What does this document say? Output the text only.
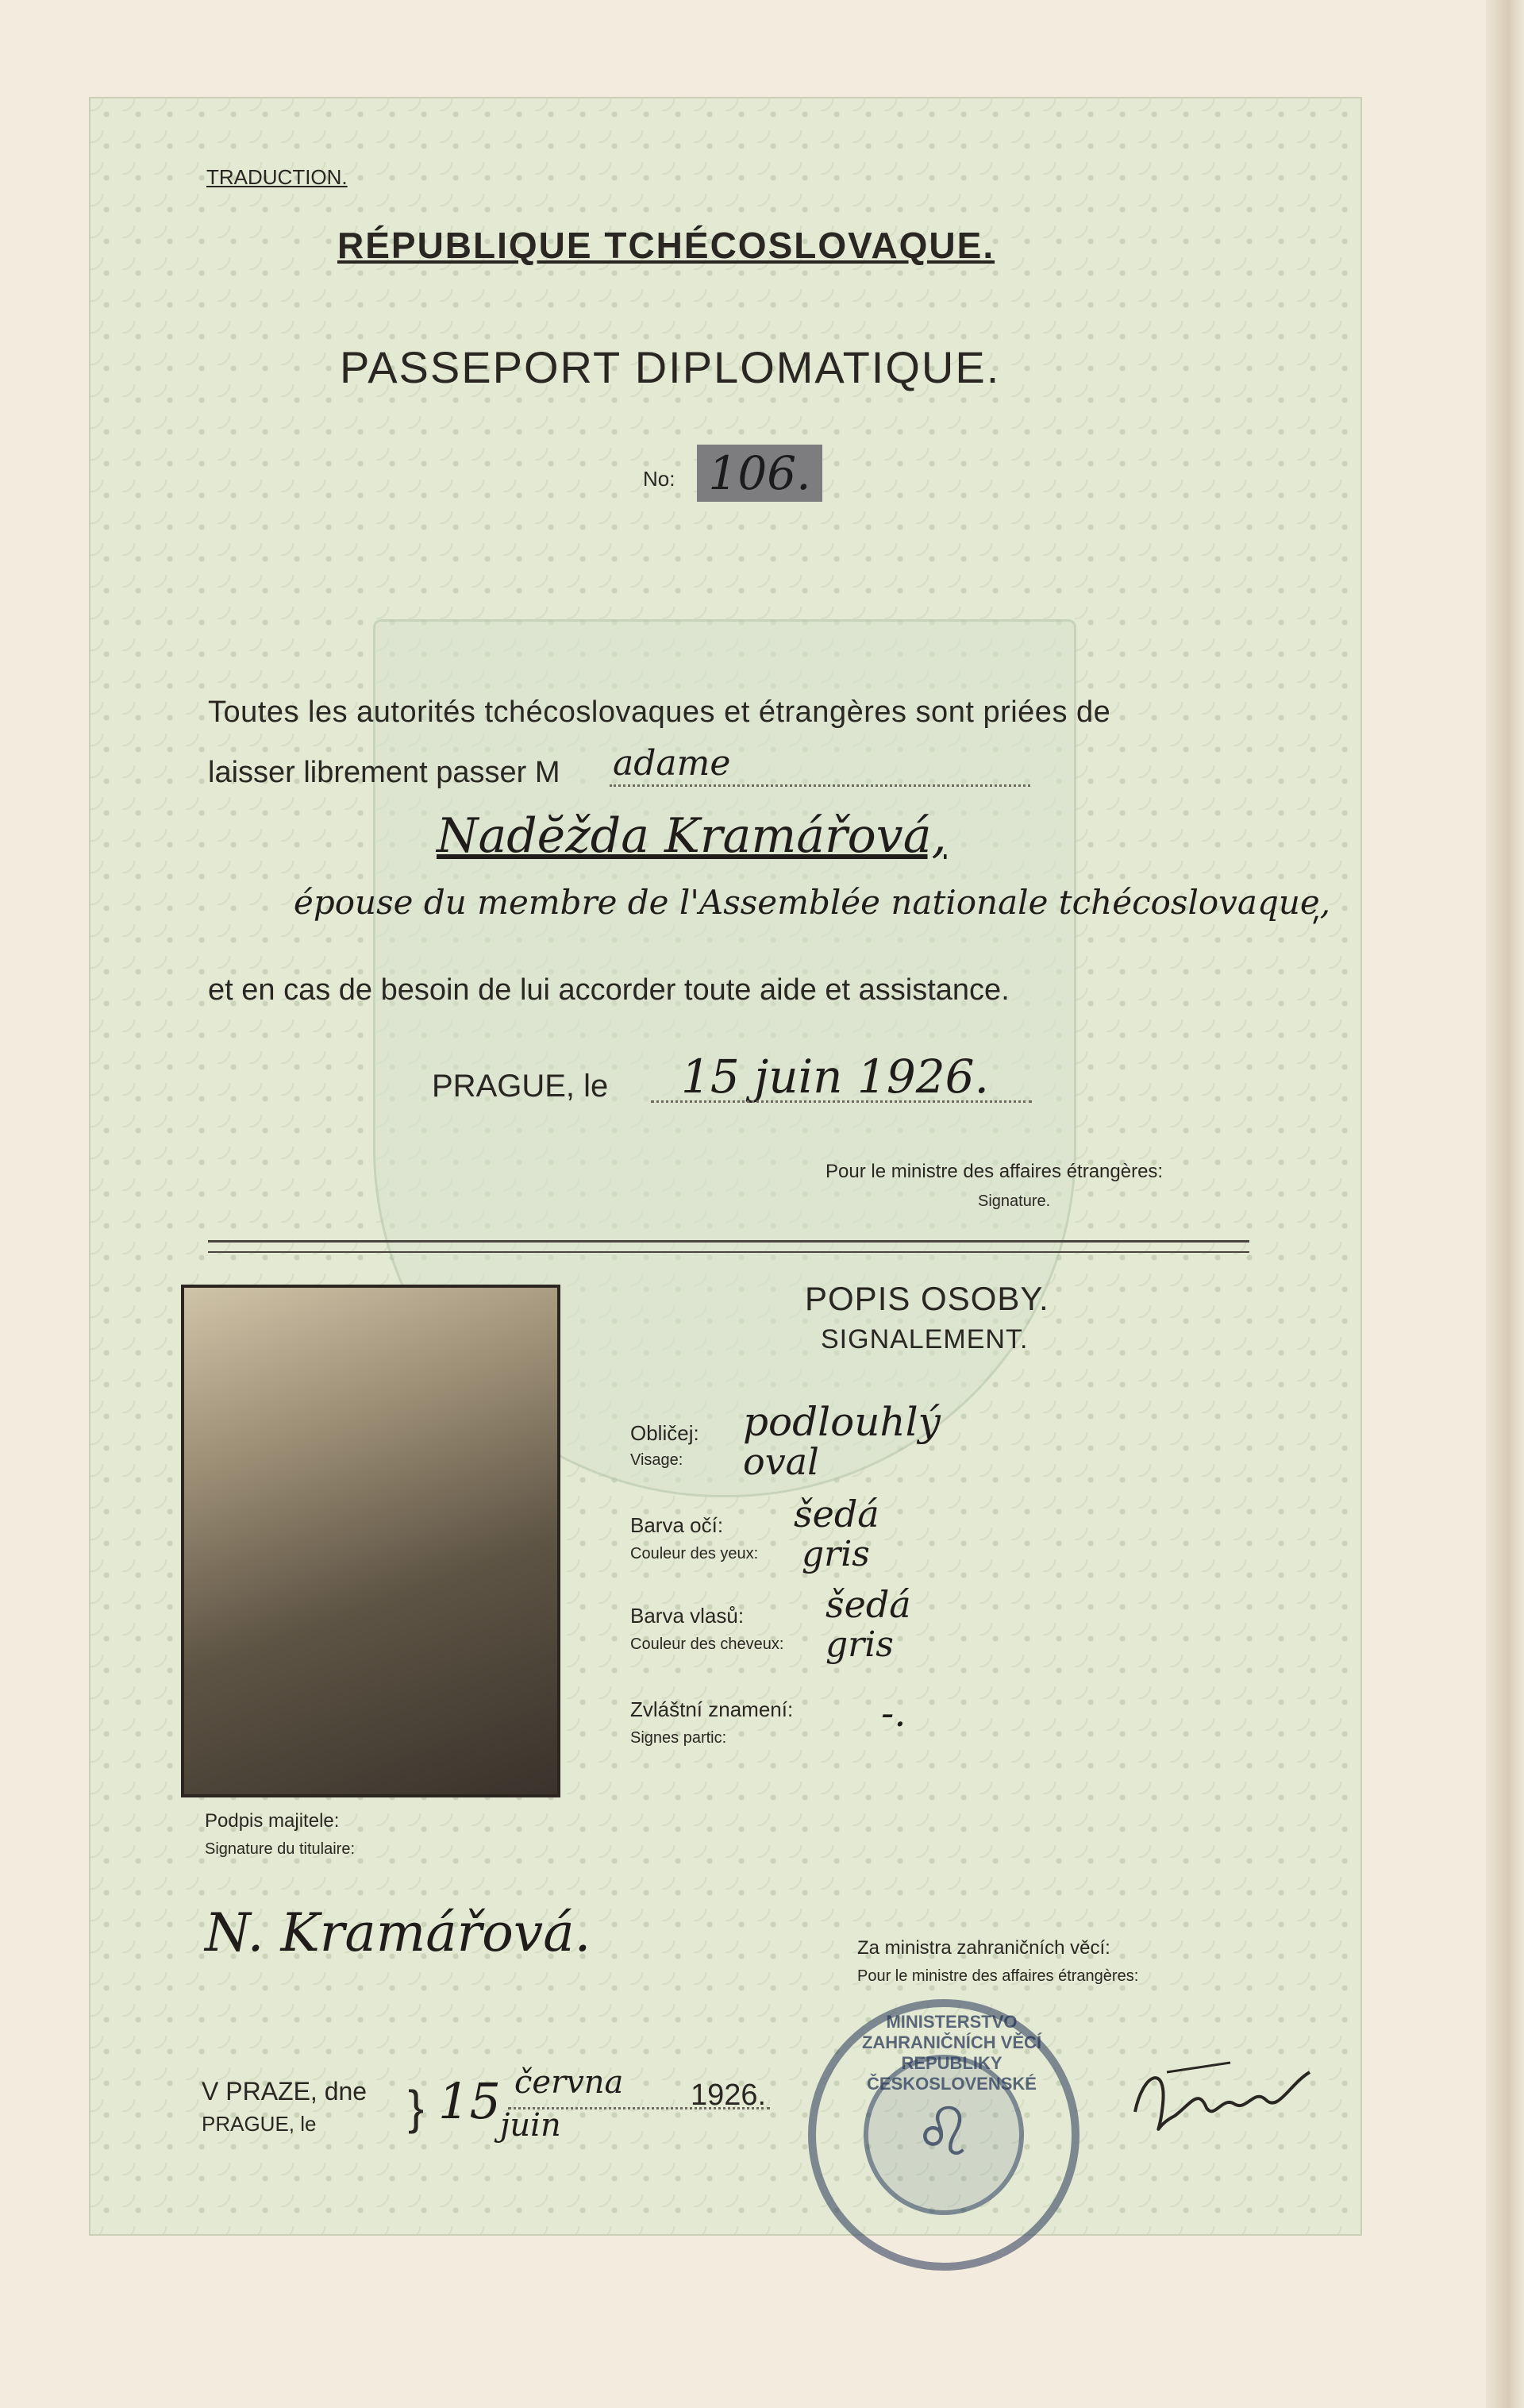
TRADUCTION.
RÉPUBLIQUE TCHÉCOSLOVAQUE.
PASSEPORT DIPLOMATIQUE.
No: 106.
Toutes les autorités tchécoslovaques et étrangères sont priées de
laisser librement passer M adame
Nadĕžda Kramářová,
épouse du membre de l'Assemblée nationale tchécoslovaque,
ʹ
et en cas de besoin de lui accorder toute aide et assistance.
PRAGUE, le 15 juin 1926.
Pour le ministre des affaires étrangères:
Signature.
POPIS OSOBY.
SIGNALEMENT.
Obličej:
Visage:
podlouhlý
oval
Barva očí:
Couleur des yeux:
šedá
gris
Barva vlasů:
Couleur des cheveux:
šedá
gris
Zvláštní znamení:
Signes partic:
-.
Podpis majitele:
Signature du titulaire:
N. Kramářová.	Za ministra zahraničních věcí:
Pour le ministre des affaires étrangères:
V PRAZE, dne
PRAGUE, le } 15 června
juin
1926.
MINISTERSTVO ZAHRANIČNÍCH VĚCÍ REPUBLIKY ČESKOSLOVENSKÉ
♌
